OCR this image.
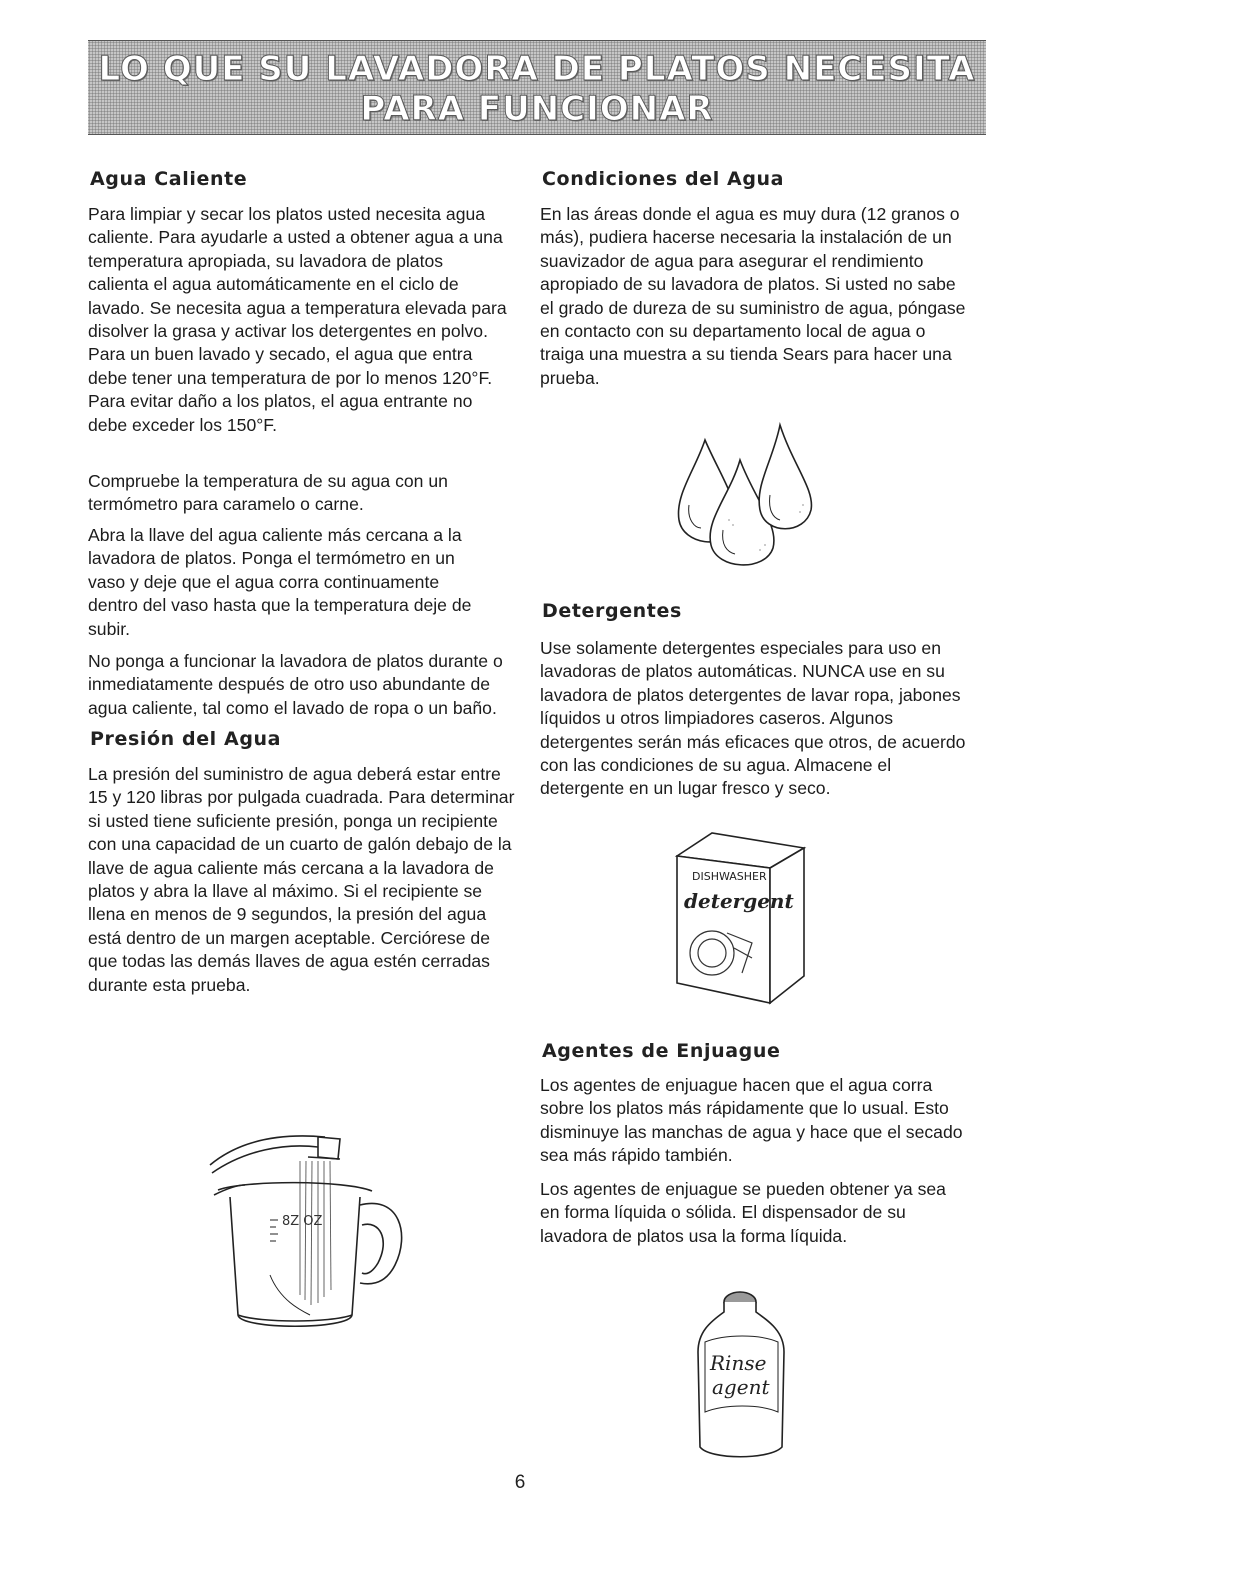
LO QUE SU LAVADORA DE PLATOS NECESITA
PARA FUNCIONAR
Agua Caliente

Para limpiar y secar los platos usted necesita agua caliente. Para ayudarle a usted a obtener agua a una temperatura apropiada, su lavadora de platos calienta el agua automáticamente en el ciclo de lavado. Se necesita agua a temperatura elevada para disolver la grasa y activar los detergentes en polvo. Para un buen lavado y secado, el agua que entra debe tener una temperatura de por lo menos 120°F. Para evitar daño a los platos, el agua entrante no debe exceder los 150°F.

Compruebe la temperatura de su agua con un termómetro para caramelo o carne.

Abra la llave del agua caliente más cercana a la lavadora de platos. Ponga el termómetro en un vaso y deje que el agua corra continuamente dentro del vaso hasta que la temperatura deje de subir.

No ponga a funcionar la lavadora de platos durante o inmediatamente después de otro uso abundante de agua caliente, tal como el lavado de ropa o un baño.

Presión del Agua

La presión del suministro de agua deberá estar entre 15 y 120 libras por pulgada cuadrada. Para determinar si usted tiene suficiente presión, ponga un recipiente con una capacidad de un cuarto de galón debajo de la llave de agua caliente más cercana a la lavadora de platos y abra la llave al máximo. Si el recipiente se llena en menos de 9 segundos, la presión del agua está dentro de un margen aceptable. Cerciórese de que todas las demás llaves de agua estén cerradas durante esta prueba.

8Z OZ
Condiciones del Agua

En las áreas donde el agua es muy dura (12 granos o más), pudiera hacerse necesaria la instalación de un suavizador de agua para asegurar el rendimiento apropiado de su lavadora de platos. Si usted no sabe el grado de dureza de su suministro de agua, póngase en contacto con su departamento local de agua o traiga una muestra a su tienda Sears para hacer una prueba.

Detergentes

Use solamente detergentes especiales para uso en lavadoras de platos automáticas. NUNCA use en su lavadora de platos detergentes de lavar ropa, jabones líquidos u otros limpiadores caseros. Algunos detergentes serán más eficaces que otros, de acuerdo con las condiciones de su agua. Almacene el detergente en un lugar fresco y seco.

Agentes de Enjuague

Los agentes de enjuague hacen que el agua corra sobre los platos más rápidamente que lo usual. Esto disminuye las manchas de agua y hace que el secado sea más rápido también.

Los agentes de enjuague se pueden obtener ya sea en forma líquida o sólida. El dispensador de su lavadora de platos usa la forma líquida.

DISHWASHER
detergent
Rinse
agent
6
